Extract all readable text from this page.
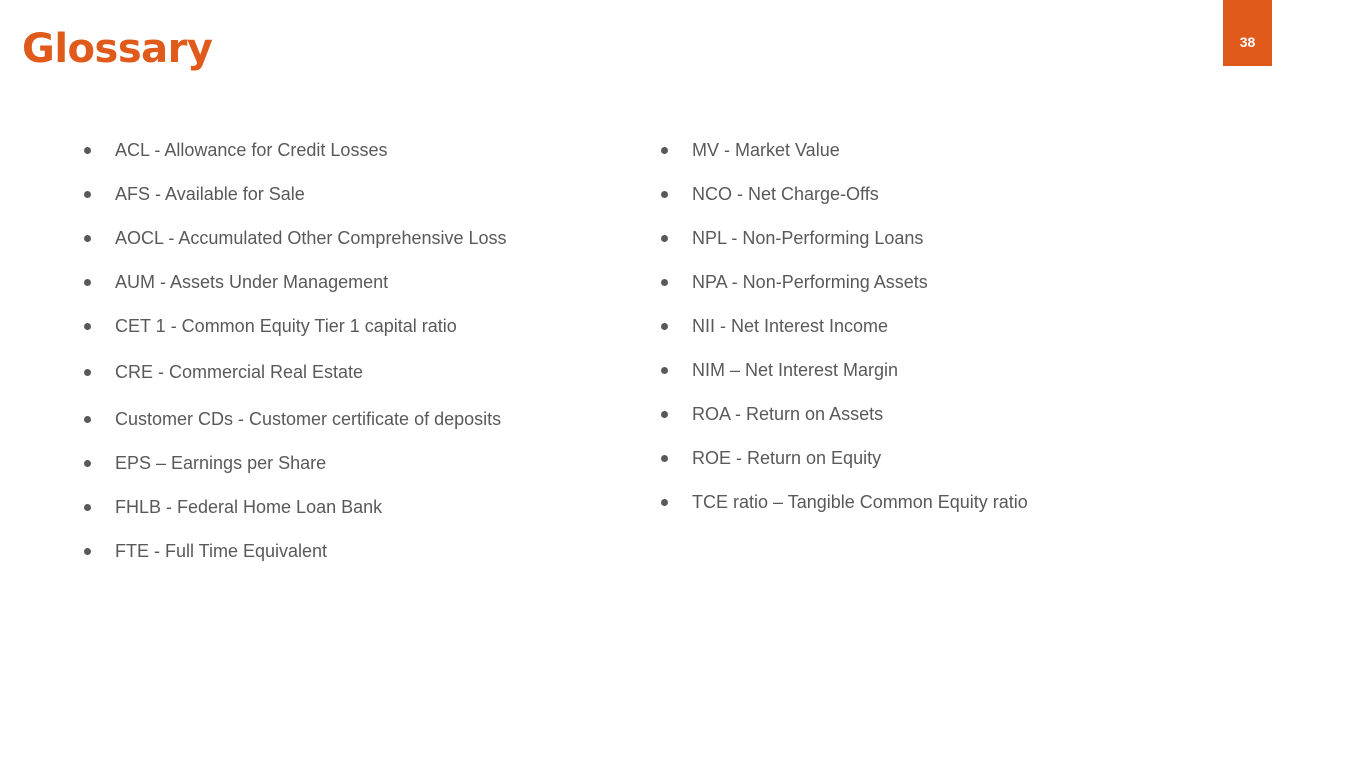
Glossary	38
ACL - Allowance for Credit Losses
AFS - Available for Sale
AOCL - Accumulated Other Comprehensive Loss
AUM - Assets Under Management
CET 1 - Common Equity Tier 1 capital ratio
CRE - Commercial Real Estate
Customer CDs - Customer certificate of deposits
EPS – Earnings per Share
FHLB - Federal Home Loan Bank
FTE - Full Time Equivalent
MV - Market Value
NCO - Net Charge-Offs
NPL - Non-Performing Loans
NPA - Non-Performing Assets
NII - Net Interest Income
NIM – Net Interest Margin
ROA - Return on Assets
ROE - Return on Equity
TCE ratio – Tangible Common Equity ratio
